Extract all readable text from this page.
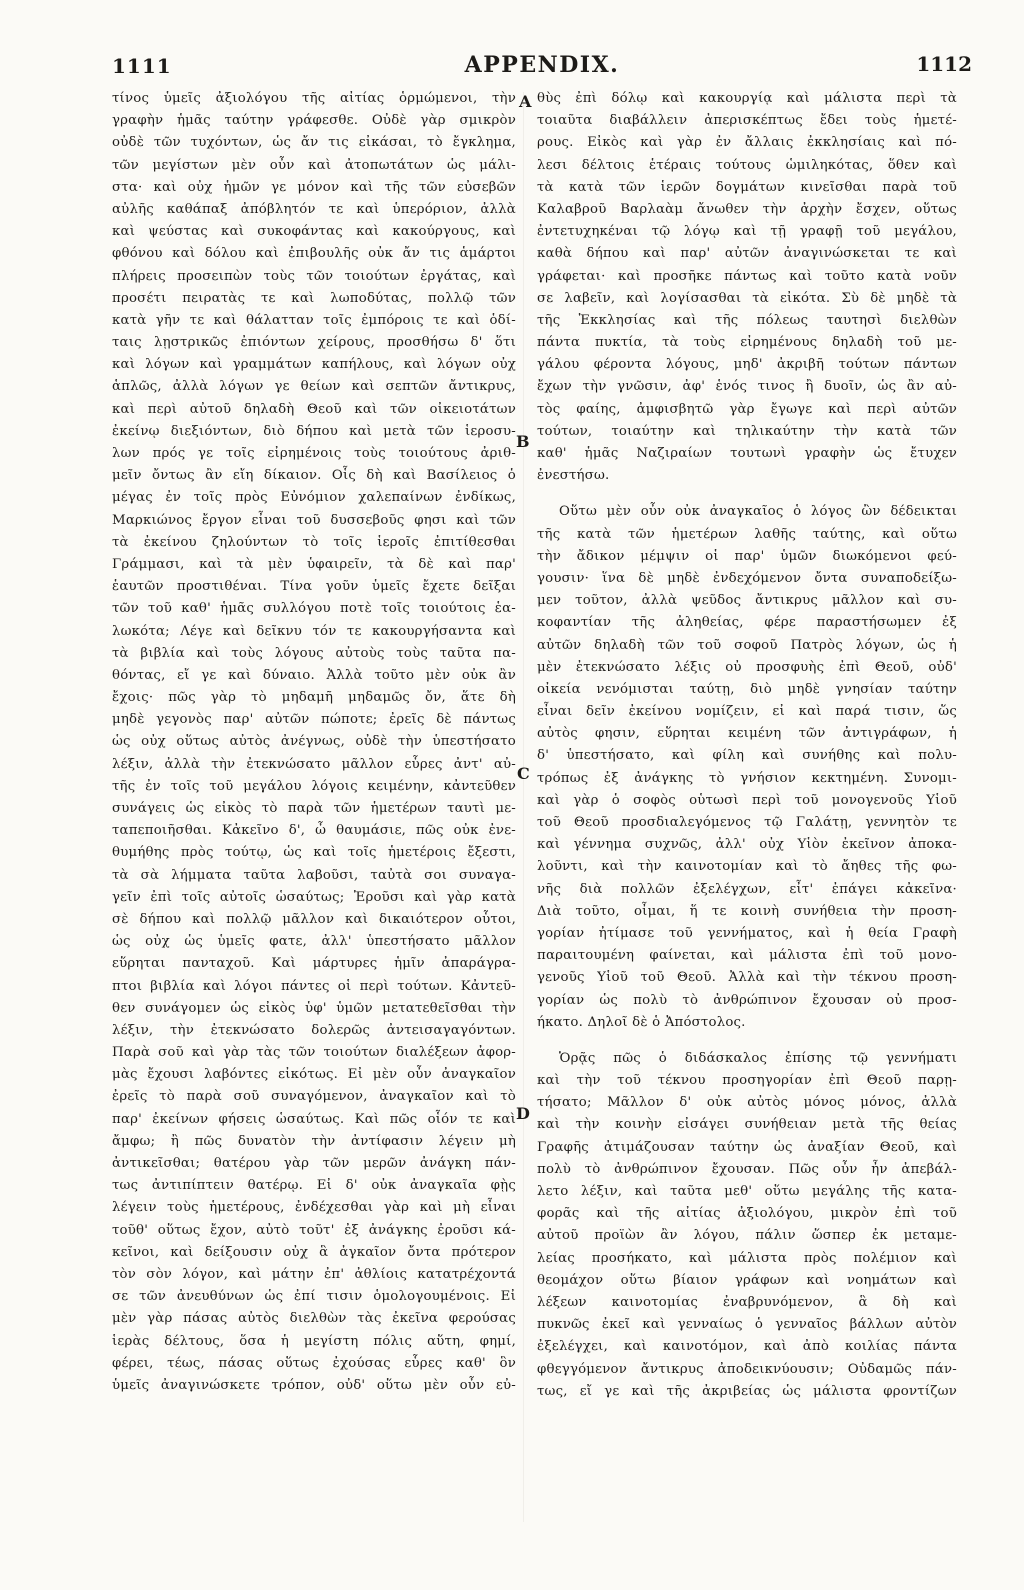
1111	APPENDIX.	1112
A
B
C
D
τίνος ὑμεῖς ἀξιολόγου τῆς αἰτίας ὁρμώμενοι, τὴν
γραφὴν ἡμᾶς ταύτην γράφεσθε. Οὐδὲ γὰρ σμικρὸν
οὐδὲ τῶν τυχόντων, ὡς ἄν τις εἰκάσαι, τὸ ἔγκλημα,
τῶν μεγίστων μὲν οὖν καὶ ἀτοπωτάτων ὡς μάλι-
στα· καὶ οὐχ ἡμῶν γε μόνον καὶ τῆς τῶν εὐσεβῶν
αὐλῆς καθάπαξ ἀπόβλητόν τε καὶ ὑπερόριον, ἀλλὰ
καὶ ψεύστας καὶ συκοφάντας καὶ κακούργους, καὶ
φθόνου καὶ δόλου καὶ ἐπιβουλῆς οὐκ ἄν τις ἁμάρτοι
πλήρεις προσειπὼν τοὺς τῶν τοιούτων ἐργάτας, καὶ
προσέτι πειρατὰς τε καὶ λωποδύτας, πολλῷ τῶν
κατὰ γῆν τε καὶ θάλατταν τοῖς ἐμπόροις τε καὶ ὁδί-
ταις λῃστρικῶς ἐπιόντων χείρους, προσθήσω δ' ὅτι
καὶ λόγων καὶ γραμμάτων καπήλους, καὶ λόγων οὐχ
ἁπλῶς, ἀλλὰ λόγων γε θείων καὶ σεπτῶν ἄντικρυς,
καὶ περὶ αὐτοῦ δηλαδὴ Θεοῦ καὶ τῶν οἰκειοτάτων
ἐκείνῳ διεξιόντων, διὸ δήπου καὶ μετὰ τῶν ἱεροσυ-
λων πρός γε τοῖς εἰρημένοις τοὺς τοιούτους ἀριθ-
μεῖν ὄντως ἂν εἴη δίκαιον. Οἷς δὴ καὶ Βασίλειος ὁ
μέγας ἐν τοῖς πρὸς Εὐνόμιον χαλεπαίνων ἐνδίκως,
Μαρκιώνος ἔργον εἶναι τοῦ δυσσεβοῦς φησι καὶ τῶν
τὰ ἐκείνου ζηλούντων τὸ τοῖς ἱεροῖς ἐπιτίθεσθαι
Γράμμασι, καὶ τὰ μὲν ὑφαιρεῖν, τὰ δὲ καὶ παρ'
ἑαυτῶν προστιθέναι. Τίνα γοῦν ὑμεῖς ἔχετε δεῖξαι
τῶν τοῦ καθ' ἡμᾶς συλλόγου ποτὲ τοῖς τοιούτοις ἑα-
λωκότα; Λέγε καὶ δεῖκνυ τόν τε κακουργήσαντα καὶ
τὰ βιβλία καὶ τοὺς λόγους αὐτοὺς τοὺς ταῦτα πα-
θόντας, εἴ γε καὶ δύναιο. Ἀλλὰ τοῦτο μὲν οὐκ ἂν
ἔχοις· πῶς γὰρ τὸ μηδαμῆ μηδαμῶς ὄν, ἅτε δὴ
μηδὲ γεγονὸς παρ' αὐτῶν πώποτε; ἐρεῖς δὲ πάντως
ὡς οὐχ οὕτως αὐτὸς ἀνέγνως, οὐδὲ τὴν ὑπεστήσατο
λέξιν, ἀλλὰ τὴν ἐτεκνώσατο μᾶλλον εὗρες ἀντ' αὐ-
τῆς ἐν τοῖς τοῦ μεγάλου λόγοις κειμένην, κἀντεῦθεν
συνάγεις ὡς εἰκὸς τὸ παρὰ τῶν ἡμετέρων ταυτὶ με-
ταπεποιῆσθαι. Κἀκεῖνο δ', ὦ θαυμάσιε, πῶς οὐκ ἐνε-
θυμήθης πρὸς τούτῳ, ὡς καὶ τοῖς ἡμετέροις ἔξεστι,
τὰ σὰ λήμματα ταῦτα λαβοῦσι, ταὐτὰ σοι συναγα-
γεῖν ἐπὶ τοῖς αὐτοῖς ὡσαύτως; Ἐροῦσι καὶ γὰρ κατὰ
σὲ δήπου καὶ πολλῷ μᾶλλον καὶ δικαιότερον οὗτοι,
ὡς οὐχ ὡς ὑμεῖς φατε, ἀλλ' ὑπεστήσατο μᾶλλον
εὕρηται πανταχοῦ. Καὶ μάρτυρες ἡμῖν ἀπαράγρα-
πτοι βιβλία καὶ λόγοι πάντες οἱ περὶ τούτων. Κἀντεῦ-
θεν συνάγομεν ὡς εἰκὸς ὑφ' ὑμῶν μετατεθεῖσθαι τὴν
λέξιν, τὴν ἐτεκνώσατο δολερῶς ἀντεισαγαγόντων.
Παρὰ σοῦ καὶ γὰρ τὰς τῶν τοιούτων διαλέξεων ἀφορ-
μὰς ἔχουσι λαβόντες εἰκότως. Εἰ μὲν οὖν ἀναγκαῖον
ἐρεῖς τὸ παρὰ σοῦ συναγόμενον, ἀναγκαῖον καὶ τὸ
παρ' ἐκείνων φήσεις ὡσαύτως. Καὶ πῶς οἷόν τε καὶ
ἄμφω; ἢ πῶς δυνατὸν τὴν ἀντίφασιν λέγειν μὴ
ἀντικεῖσθαι; θατέρου γὰρ τῶν μερῶν ἀνάγκη πάν-
τως ἀντιπίπτειν θατέρῳ. Εἰ δ' οὐκ ἀναγκαῖα φῂς
λέγειν τοὺς ἡμετέρους, ἐνδέχεσθαι γὰρ καὶ μὴ εἶναι
τοῦθ' οὕτως ἔχον, αὐτὸ τοῦτ' ἐξ ἀνάγκης ἐροῦσι κά-
κεῖνοι, καὶ δείξουσιν οὐχ ἃ ἀγκαῖον ὄντα πρότερον
τὸν σὸν λόγον, καὶ μάτην ἐπ' ἀθλίοις κατατρέχοντά
σε τῶν ἀνευθύνων ὡς ἐπί τισιν ὁμολογουμένοις. Εἰ
μὲν γὰρ πάσας αὐτὸς διελθὼν τὰς ἐκεῖνα φερούσας
ἱερὰς δέλτους, ὅσα ἡ μεγίστη πόλις αὕτη, φημί,
φέρει, τέως, πάσας οὕτως ἐχούσας εὗρες καθ' ὃν
ὑμεῖς ἀναγινώσκετε τρόπον, οὐδ' οὕτω μὲν οὖν εὐ-
θὺς ἐπὶ δόλῳ καὶ κακουργίᾳ καὶ μάλιστα περὶ τὰ
τοιαῦτα διαβάλλειν ἀπερισκέπτως ἔδει τοὺς ἡμετέ-
ρους. Εἰκὸς καὶ γὰρ ἐν ἄλλαις ἐκκλησίαις καὶ πό-
λεσι δέλτοις ἑτέραις τούτους ὡμιληκότας, ὅθεν καὶ
τὰ κατὰ τῶν ἱερῶν δογμάτων κινεῖσθαι παρὰ τοῦ
Καλαβροῦ Βαρλαὰμ ἄνωθεν τὴν ἀρχὴν ἔσχεν, οὕτως
ἐντετυχηκέναι τῷ λόγῳ καὶ τῇ γραφῇ τοῦ μεγάλου,
καθὰ δήπου καὶ παρ' αὐτῶν ἀναγινώσκεται τε καὶ
γράφεται· καὶ προσῆκε πάντως καὶ τοῦτο κατὰ νοῦν
σε λαβεῖν, καὶ λογίσασθαι τὰ εἰκότα. Σὺ δὲ μηδὲ τὰ
τῆς Ἐκκλησίας καὶ τῆς πόλεως ταυτησὶ διελθὼν
πάντα πυκτία, τὰ τοὺς εἰρημένους δηλαδὴ τοῦ με-
γάλου φέροντα λόγους, μηδ' ἀκριβῆ τούτων πάντων
ἔχων τὴν γνῶσιν, ἀφ' ἑνός τινος ἢ δυοῖν, ὡς ἂν αὐ-
τὸς φαίης, ἀμφισβητῶ γὰρ ἔγωγε καὶ περὶ αὐτῶν
τούτων, τοιαύτην καὶ τηλικαύτην τὴν κατὰ τῶν
καθ' ἡμᾶς Ναζιραίων τουτωνὶ γραφὴν ὡς ἔτυχεν
ἐνεστήσω.
Οὕτω μὲν οὖν οὐκ ἀναγκαῖος ὁ λόγος ὢν δέδεικται
τῆς κατὰ τῶν ἡμετέρων λαθῆς ταύτης, καὶ οὕτω
τὴν ἄδικον μέμψιν οἱ παρ' ὑμῶν διωκόμενοι φεύ-
γουσιν· ἵνα δὲ μηδὲ ἐνδεχόμενον ὄντα συναποδείξω-
μεν τοῦτον, ἀλλὰ ψεῦδος ἄντικρυς μᾶλλον καὶ συ-
κοφαντίαν τῆς ἀληθείας, φέρε παραστήσωμεν ἐξ
αὐτῶν δηλαδὴ τῶν τοῦ σοφοῦ Πατρὸς λόγων, ὡς ἡ
μὲν ἐτεκνώσατο λέξις οὐ προσφυὴς ἐπὶ Θεοῦ, οὐδ'
οἰκεία νενόμισται ταύτῃ, διὸ μηδὲ γνησίαν ταύτην
εἶναι δεῖν ἐκείνου νομίζειν, εἰ καὶ παρά τισιν, ὥς
αὐτὸς φησιν, εὕρηται κειμένη τῶν ἀντιγράφων, ἡ
δ' ὑπεστήσατο, καὶ φίλη καὶ συνήθης καὶ πολυ-
τρόπως ἐξ ἀνάγκης τὸ γνήσιον κεκτημένη. Συνομι-
καὶ γὰρ ὁ σοφὸς οὑτωσὶ περὶ τοῦ μονογενοῦς Υἱοῦ
τοῦ Θεοῦ προσδιαλεγόμενος τῷ Γαλάτῃ, γεννητὸν τε
καὶ γέννημα συχνῶς, ἀλλ' οὐχ Υἱὸν ἐκεῖνον ἀποκα-
λοῦντι, καὶ τὴν καινοτομίαν καὶ τὸ ἄηθες τῆς φω-
νῆς διὰ πολλῶν ἐξελέγχων, εἶτ' ἐπάγει κἀκεῖνα·
Διὰ τοῦτο, οἶμαι, ἥ τε κοινὴ συνήθεια τὴν προση-
γορίαν ἠτίμασε τοῦ γεννήματος, καὶ ἡ θεία Γραφὴ
παραιτουμένη φαίνεται, καὶ μάλιστα ἐπὶ τοῦ μονο-
γενοῦς Υἱοῦ τοῦ Θεοῦ. Ἀλλὰ καὶ τὴν τέκνου προση-
γορίαν ὡς πολὺ τὸ ἀνθρώπινον ἔχουσαν οὐ προσ-
ήκατο. Δηλοῖ δὲ ὁ Ἀπόστολος.
Ὁρᾷς πῶς ὁ διδάσκαλος ἐπίσης τῷ γεννήματι
καὶ τὴν τοῦ τέκνου προσηγορίαν ἐπὶ Θεοῦ παρῃ-
τήσατο; Μᾶλλον δ' οὐκ αὐτὸς μόνος μόνος, ἀλλὰ
καὶ τὴν κοινὴν εἰσάγει συνήθειαν μετὰ τῆς θείας
Γραφῆς ἀτιμάζουσαν ταύτην ὡς ἀναξίαν Θεοῦ, καὶ
πολὺ τὸ ἀνθρώπινον ἔχουσαν. Πῶς οὖν ἦν ἀπεβάλ-
λετο λέξιν, καὶ ταῦτα μεθ' οὕτω μεγάλης τῆς κατα-
φορᾶς καὶ τῆς αἰτίας ἀξιολόγου, μικρὸν ἐπὶ τοῦ
αὐτοῦ προϊὼν ἂν λόγου, πάλιν ὥσπερ ἐκ μεταμε-
λείας προσήκατο, καὶ μάλιστα πρὸς πολέμιον καὶ
θεομάχον οὕτω βίαιον γράφων καὶ νοημάτων καὶ
λέξεων καινοτομίας ἐναβρυνόμενον, ἃ δὴ καὶ
πυκνῶς ἐκεῖ καὶ γενναίως ὁ γενναῖος βάλλων αὐτὸν
ἐξελέγχει, καὶ καινοτόμον, καὶ ἀπὸ κοιλίας πάντα
φθεγγόμενον ἄντικρυς ἀποδεικνύουσιν; Οὐδαμῶς πάν-
τως, εἴ γε καὶ τῆς ἀκριβείας ὡς μάλιστα φροντίζων
